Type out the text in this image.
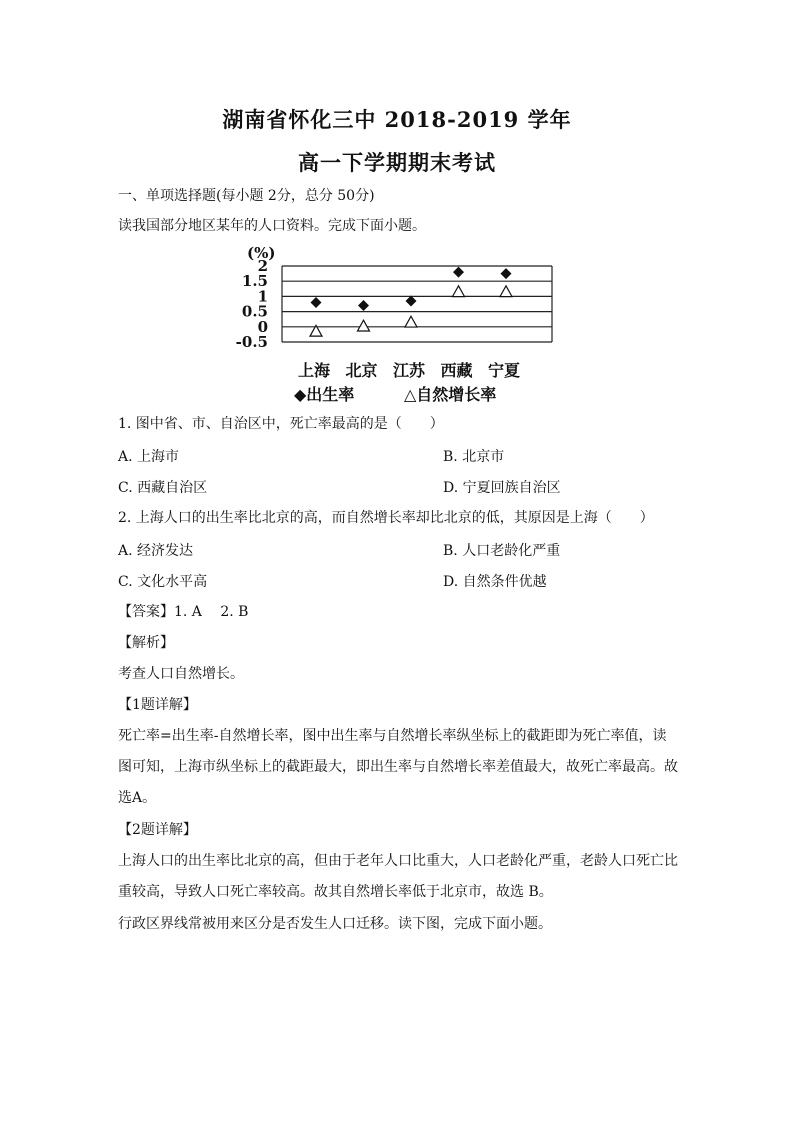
湖南省怀化三中 2018-2019 学年
高一下学期期末考试
一、单项选择题(每小题 2分，总分 50分)
读我国部分地区某年的人口资料。完成下面小题。
(%)
2
1.5
1
0.5
0
-0.5
上海 北京 江苏 西藏 宁夏
◆出生率	△自然增长率
1. 图中省、市、自治区中，死亡率最高的是（　　）
A. 上海市	B. 北京市
C. 西藏自治区	D. 宁夏回族自治区
2. 上海人口的出生率比北京的高，而自然增长率却比北京的低，其原因是上海（　　）
A. 经济发达	B. 人口老龄化严重
C. 文化水平高	D. 自然条件优越
【答案】1. A　 2. B
【解析】
考查人口自然增长。
【1题详解】
死亡率=出生率-自然增长率，图中出生率与自然增长率纵坐标上的截距即为死亡率值，读图可知，上海市纵坐标上的截距最大，即出生率与自然增长率差值最大，故死亡率最高。故选A。
【2题详解】
上海人口的出生率比北京的高，但由于老年人口比重大，人口老龄化严重，老龄人口死亡比重较高，导致人口死亡率较高。故其自然增长率低于北京市，故选 B。
行政区界线常被用来区分是否发生人口迁移。读下图，完成下面小题。
